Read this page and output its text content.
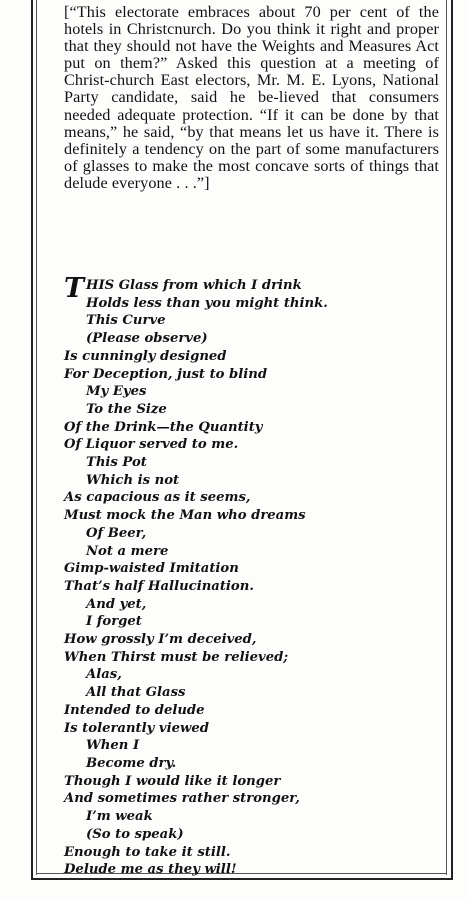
[“This electorate embraces about 70 per cent of the hotels in Christcnurch. Do you think it right and proper that they should not have the Weights and Measures Act put on them?” Asked this question at a meeting of Christ-church East electors, Mr. M. E. Lyons, National Party candidate, said he be-lieved that consumers needed adequate protection. “If it can be done by that means,” he said, “by that means let us have it. There is definitely a tendency on the part of some manufacturers of glasses to make the most concave sorts of things that delude everyone . . .”]

T HIS Glass from which I drink
Holds less than you might think.
This Curve
(Please observe)
Is cunningly designed
For Deception, just to blind
My Eyes
To the Size
Of the Drink—the Quantity
Of Liquor served to me.
This Pot
Which is not
As capacious as it seems,
Must mock the Man who dreams
Of Beer,
Not a mere
Gimp-waisted Imitation
That’s half Hallucination.
And yet,
I forget
How grossly I’m deceived,
When Thirst must be relieved;
Alas,
All that Glass
Intended to delude
Is tolerantly viewed
When I
Become dry.
Though I would like it longer
And sometimes rather stronger,
I’m weak
(So to speak)
Enough to take it still.
Delude me as they will!
